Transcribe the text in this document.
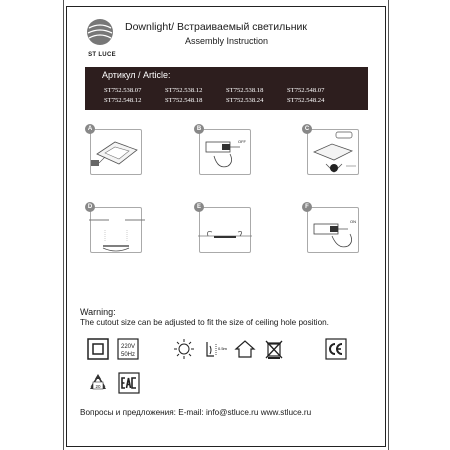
ST LUCE
Downlight/ Встраиваемый светильник
Assembly Instruction
Артикул / Article:
ST752.538.07	ST752.538.12	ST752.538.18	ST752.548.07
ST752.548.12	ST752.548.18	ST752.538.24	ST752.548.24
A	B
OFF
C
D	E	F
ON
Warning:
The cutout size can be adjusted to fit the size of ceiling hole position.
220V
50Hz
0.5m
20
Вопросы и предложения: E-mail: info@stluce.ru www.stluce.ru
